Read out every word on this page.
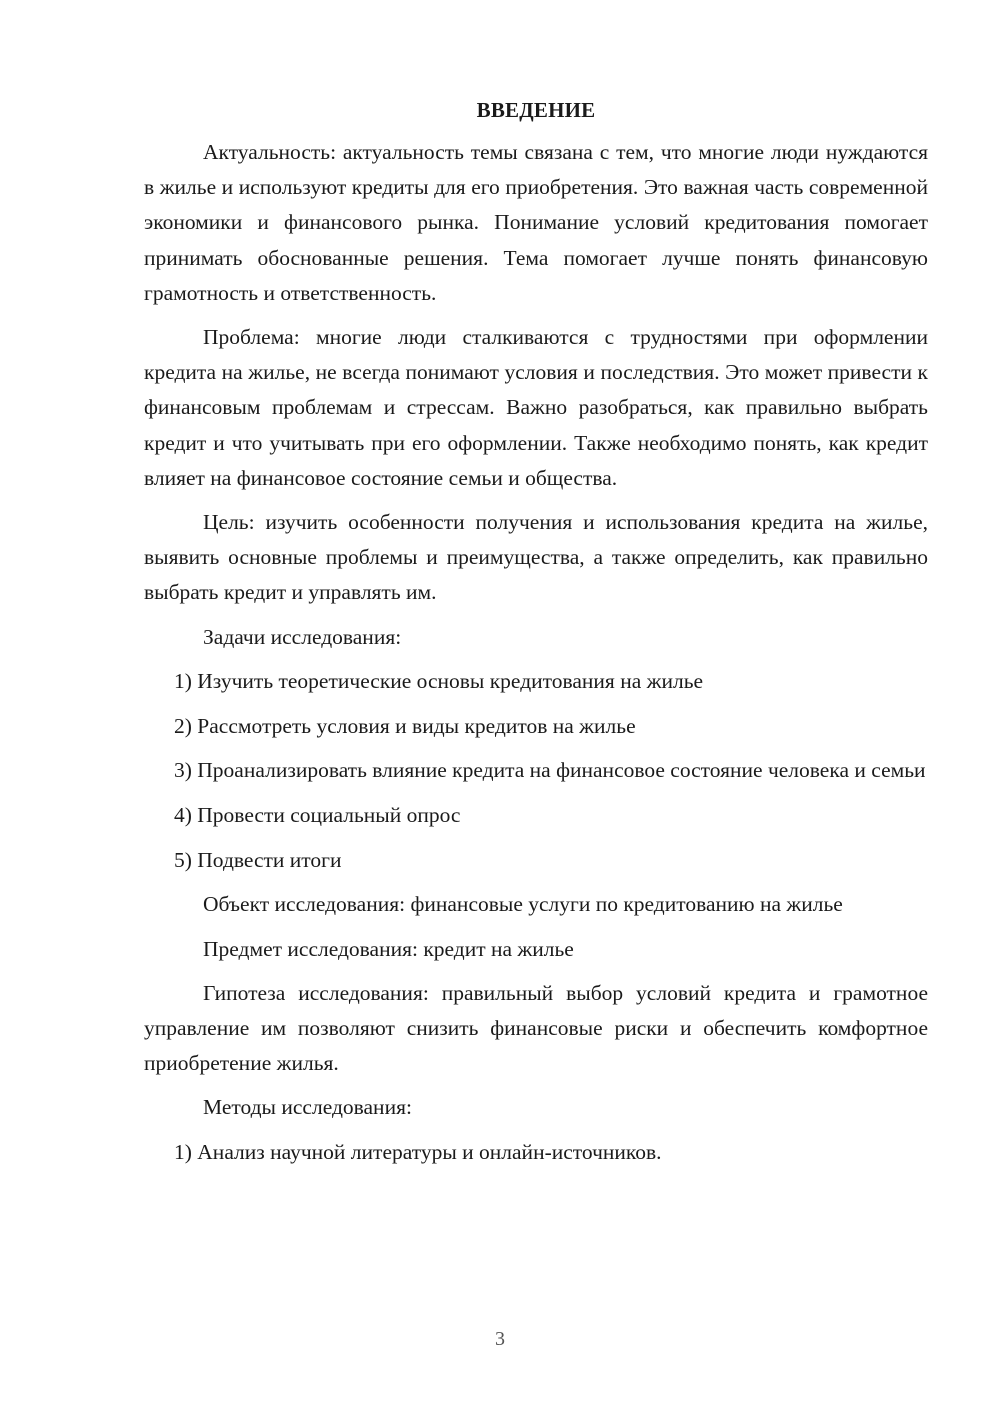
ВВЕДЕНИЕ

Актуальность: актуальность темы связана с тем, что многие люди нуждаются в жилье и используют кредиты для его приобретения. Это важная часть современной экономики и финансового рынка. Понимание условий кредитования помогает принимать обоснованные решения. Тема помогает лучше понять финансовую грамотность и ответственность.

Проблема: многие люди сталкиваются с трудностями при оформлении кредита на жилье, не всегда понимают условия и последствия. Это может привести к финансовым проблемам и стрессам. Важно разобраться, как правильно выбрать кредит и что учитывать при его оформлении. Также необходимо понять, как кредит влияет на финансовое состояние семьи и общества.

Цель: изучить особенности получения и использования кредита на жилье, выявить основные проблемы и преимущества, а также определить, как правильно выбрать кредит и управлять им.

Задачи исследования:

1) Изучить теоретические основы кредитования на жилье

2) Рассмотреть условия и виды кредитов на жилье

3) Проанализировать влияние кредита на финансовое состояние человека и семьи

4) Провести социальный опрос

5) Подвести итоги

Объект исследования: финансовые услуги по кредитованию на жилье

Предмет исследования: кредит на жилье

Гипотеза исследования: правильный выбор условий кредита и грамотное управление им позволяют снизить финансовые риски и обеспечить комфортное приобретение жилья.

Методы исследования:

1) Анализ научной литературы и онлайн-источников.

3
